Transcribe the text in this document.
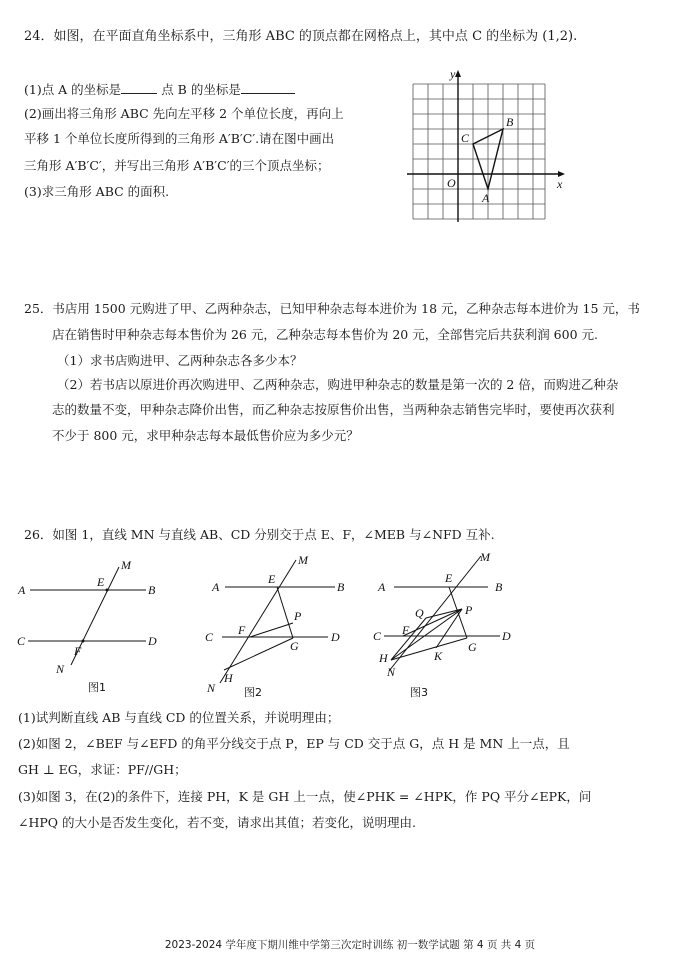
24．如图，在平面直角坐标系中，三角形 ABC 的顶点都在网格点上，其中点 C 的坐标为 (1,2).
(1)点 A 的坐标是	点 B 的坐标是
(2)画出将三角形 ABC 先向左平移 2 个单位长度，再向上
平移 1 个单位长度所得到的三角形 A′B′C′.请在图中画出
三角形 A′B′C′，并写出三角形 A′B′C′的三个顶点坐标；
(3)求三角形 ABC 的面积.
y
x
O
A
B
C
25．书店用 1500 元购进了甲、乙两种杂志，已知甲种杂志每本进价为 18 元，乙种杂志每本进价为 15 元，书
店在销售时甲种杂志每本售价为 26 元，乙种杂志每本售价为 20 元，全部售完后共获利润 600 元.
（1）求书店购进甲、乙两种杂志各多少本？
（2）若书店以原进价再次购进甲、乙两种杂志，购进甲种杂志的数量是第一次的 2 倍，而购进乙种杂
志的数量不变，甲种杂志降价出售，而乙种杂志按原售价出售，当两种杂志销售完毕时，要使再次获利
不少于 800 元，求甲种杂志每本最低售价应为多少元？
26．如图 1，直线 MN 与直线 AB、CD 分别交于点 E、F，∠MEB 与∠NFD 互补.
A	B
C	D
E
F
M
N
图1
A	B
C	D
E
F
G
P
M
N
H
图2
A	B
C	D
E
F
G
P
Q
K
M
N
H
图3
(1)试判断直线 AB 与直线 CD 的位置关系，并说明理由；
(2)如图 2，∠BEF 与∠EFD 的角平分线交于点 P，EP 与 CD 交于点 G，点 H 是 MN 上一点，且
GH ⊥ EG，求证：PF//GH；
(3)如图 3，在(2)的条件下，连接 PH，K 是 GH 上一点，使∠PHK = ∠HPK，作 PQ 平分∠EPK，问
∠HPQ 的大小是否发生变化，若不变，请求出其值；若变化，说明理由.
2023-2024 学年度下期川维中学第三次定时训练 初一数学试题 第 4 页 共 4 页
